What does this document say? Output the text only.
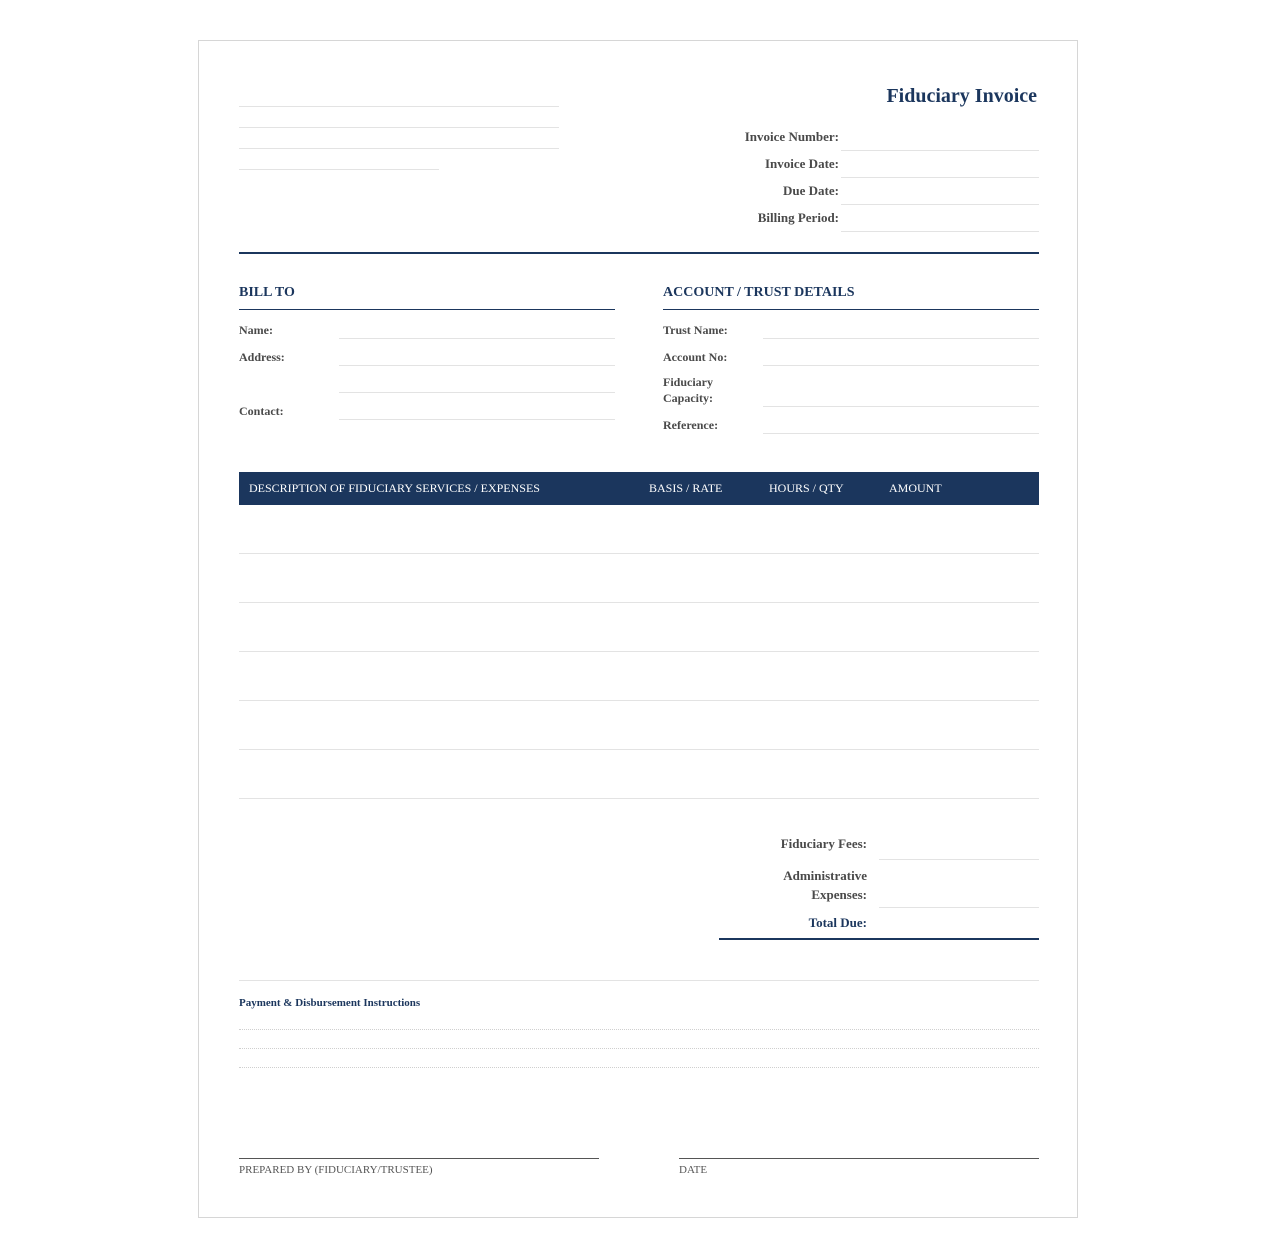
Fiduciary Invoice
Invoice Number:
Invoice Date:
Due Date:
Billing Period:
BILL TO
Name:
Address:
Contact:
ACCOUNT / TRUST DETAILS
Trust Name:
Account No:
Fiduciary Capacity:
Reference:
DESCRIPTION OF FIDUCIARY SERVICES / EXPENSES	BASIS / RATE	HOURS / QTY	AMOUNT
Fiduciary Fees:
Administrative Expenses:
Total Due:
Payment & Disbursement Instructions
PREPARED BY (FIDUCIARY/TRUSTEE)	DATE
